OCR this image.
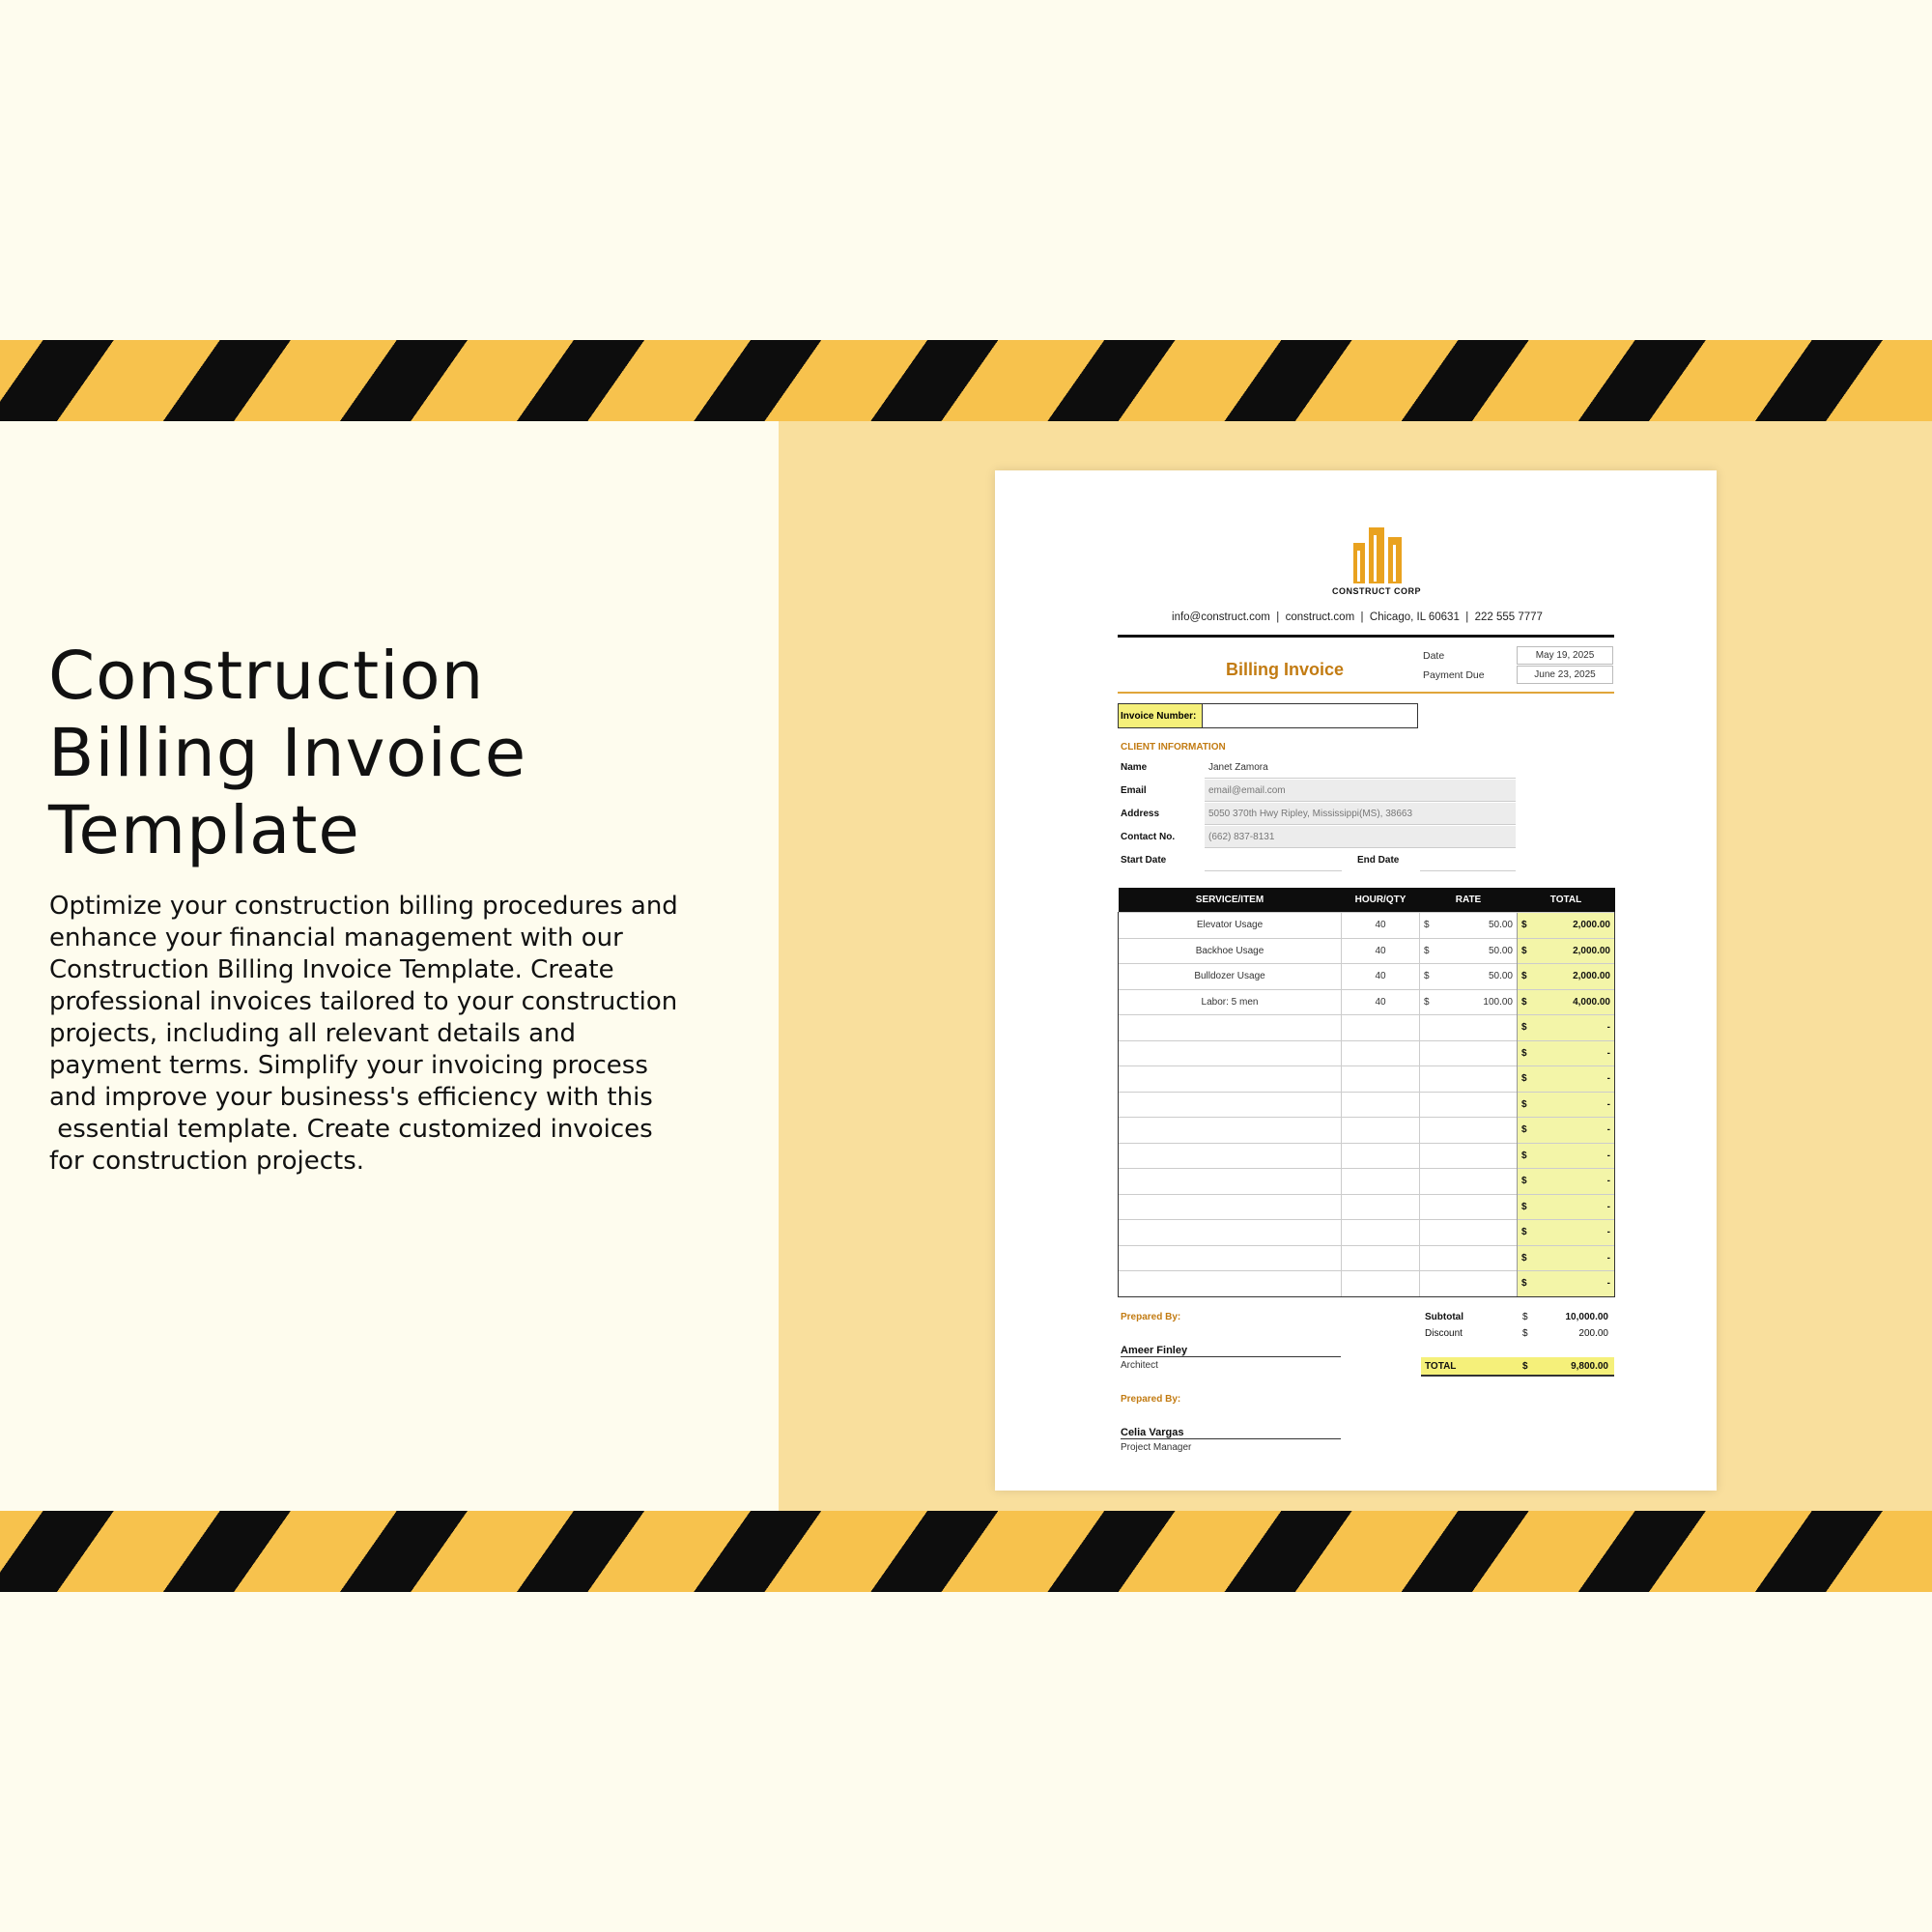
Construction
Billing Invoice
Template
Optimize your construction billing procedures and
enhance your financial management with our
Construction Billing Invoice Template. Create
professional invoices tailored to your construction
projects, including all relevant details and
payment terms. Simplify your invoicing process
and improve your business's efficiency with this
essential template. Create customized invoices
for construction projects.
CONSTRUCT CORP
info@construct.com  |  construct.com  |  Chicago, IL 60631  |  222 555 7777
Billing Invoice
Date	May 19, 2025
Payment Due	June 23, 2025
Invoice Number:
CLIENT INFORMATION
Name	Janet Zamora
Email	email@email.com
Address	5050 370th Hwy Ripley, Mississippi(MS), 38663
Contact No.	(662) 837-8131
Start Date	End Date
SERVICE/ITEM	HOUR/QTY	RATE	TOTAL
Elevator Usage	40	$ 50.00	$ 2,000.00

Backhoe Usage	40	$ 50.00	$ 2,000.00

Bulldozer Usage	40	$ 50.00	$ 2,000.00

Labor: 5 men	40	$ 100.00	$ 4,000.00

			$ -

			$ -

			$ -

			$ -

			$ -

			$ -

			$ -

			$ -

			$ -

			$ -

			$ -
Prepared By:
Ameer Finley
Architect
Prepared By:
Celia Vargas
Project Manager
Subtotal	$	10,000.00
Discount	$	200.00
TOTAL	$	9,800.00
